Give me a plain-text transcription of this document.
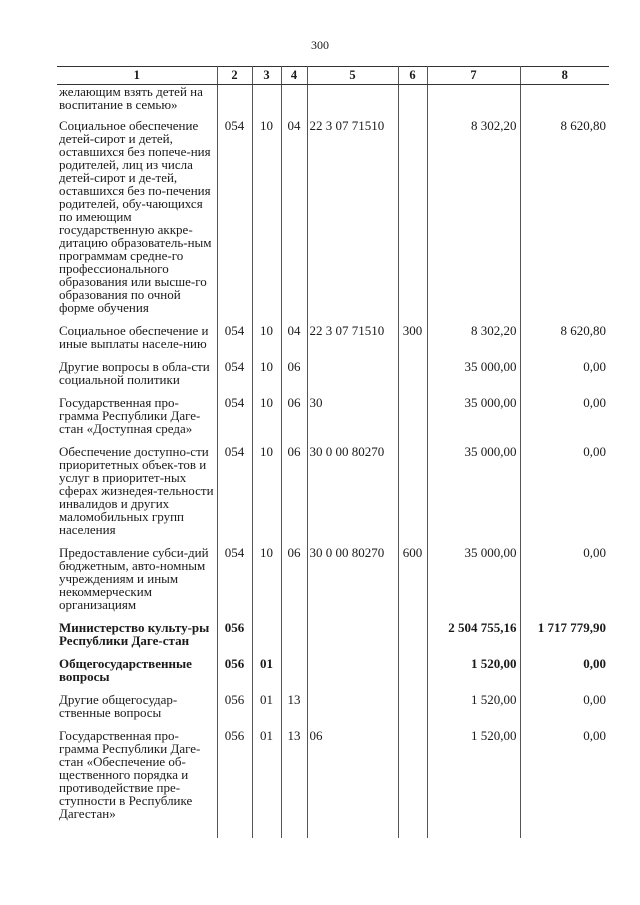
300
1	2	3	4	5	6	7	8
желающим взять детей на воспитание в семью»							
Социальное обеспечение детей-сирот и детей, оставшихся без попече-ния родителей, лиц из числа детей-сирот и де-тей, оставшихся без по-печения родителей, обу-чающихся по имеющим государственную аккре-дитацию образователь-ным программам средне-го профессионального образования или высше-го образования по очной форме обучения	054	10	04	22 3 07 71510		8 302,20	8 620,80
Социальное обеспечение и иные выплаты населе-нию	054	10	04	22 3 07 71510	300	8 302,20	8 620,80
Другие вопросы в обла-сти социальной политики	054	10	06			35 000,00	0,00
Государственная про-грамма Республики Даге-стан «Доступная среда»	054	10	06	30		35 000,00	0,00
Обеспечение доступно-сти приоритетных объек-тов и услуг в приоритет-ных сферах жизнедея-тельности инвалидов и других маломобильных групп населения	054	10	06	30 0 00 80270		35 000,00	0,00
Предоставление субси-дий бюджетным, авто-номным учреждениям и иным некоммерческим организациям	054	10	06	30 0 00 80270	600	35 000,00	0,00
Министерство культу-ры Республики Даге-стан	056					2 504 755,16	1 717 779,90
Общегосударственные вопросы	056	01				1 520,00	0,00
Другие общегосудар-ственные вопросы	056	01	13			1 520,00	0,00
Государственная про-грамма Республики Даге-стан «Обеспечение об-щественного порядка и противодействие пре-ступности в Республике Дагестан»	056	01	13	06		1 520,00	0,00
